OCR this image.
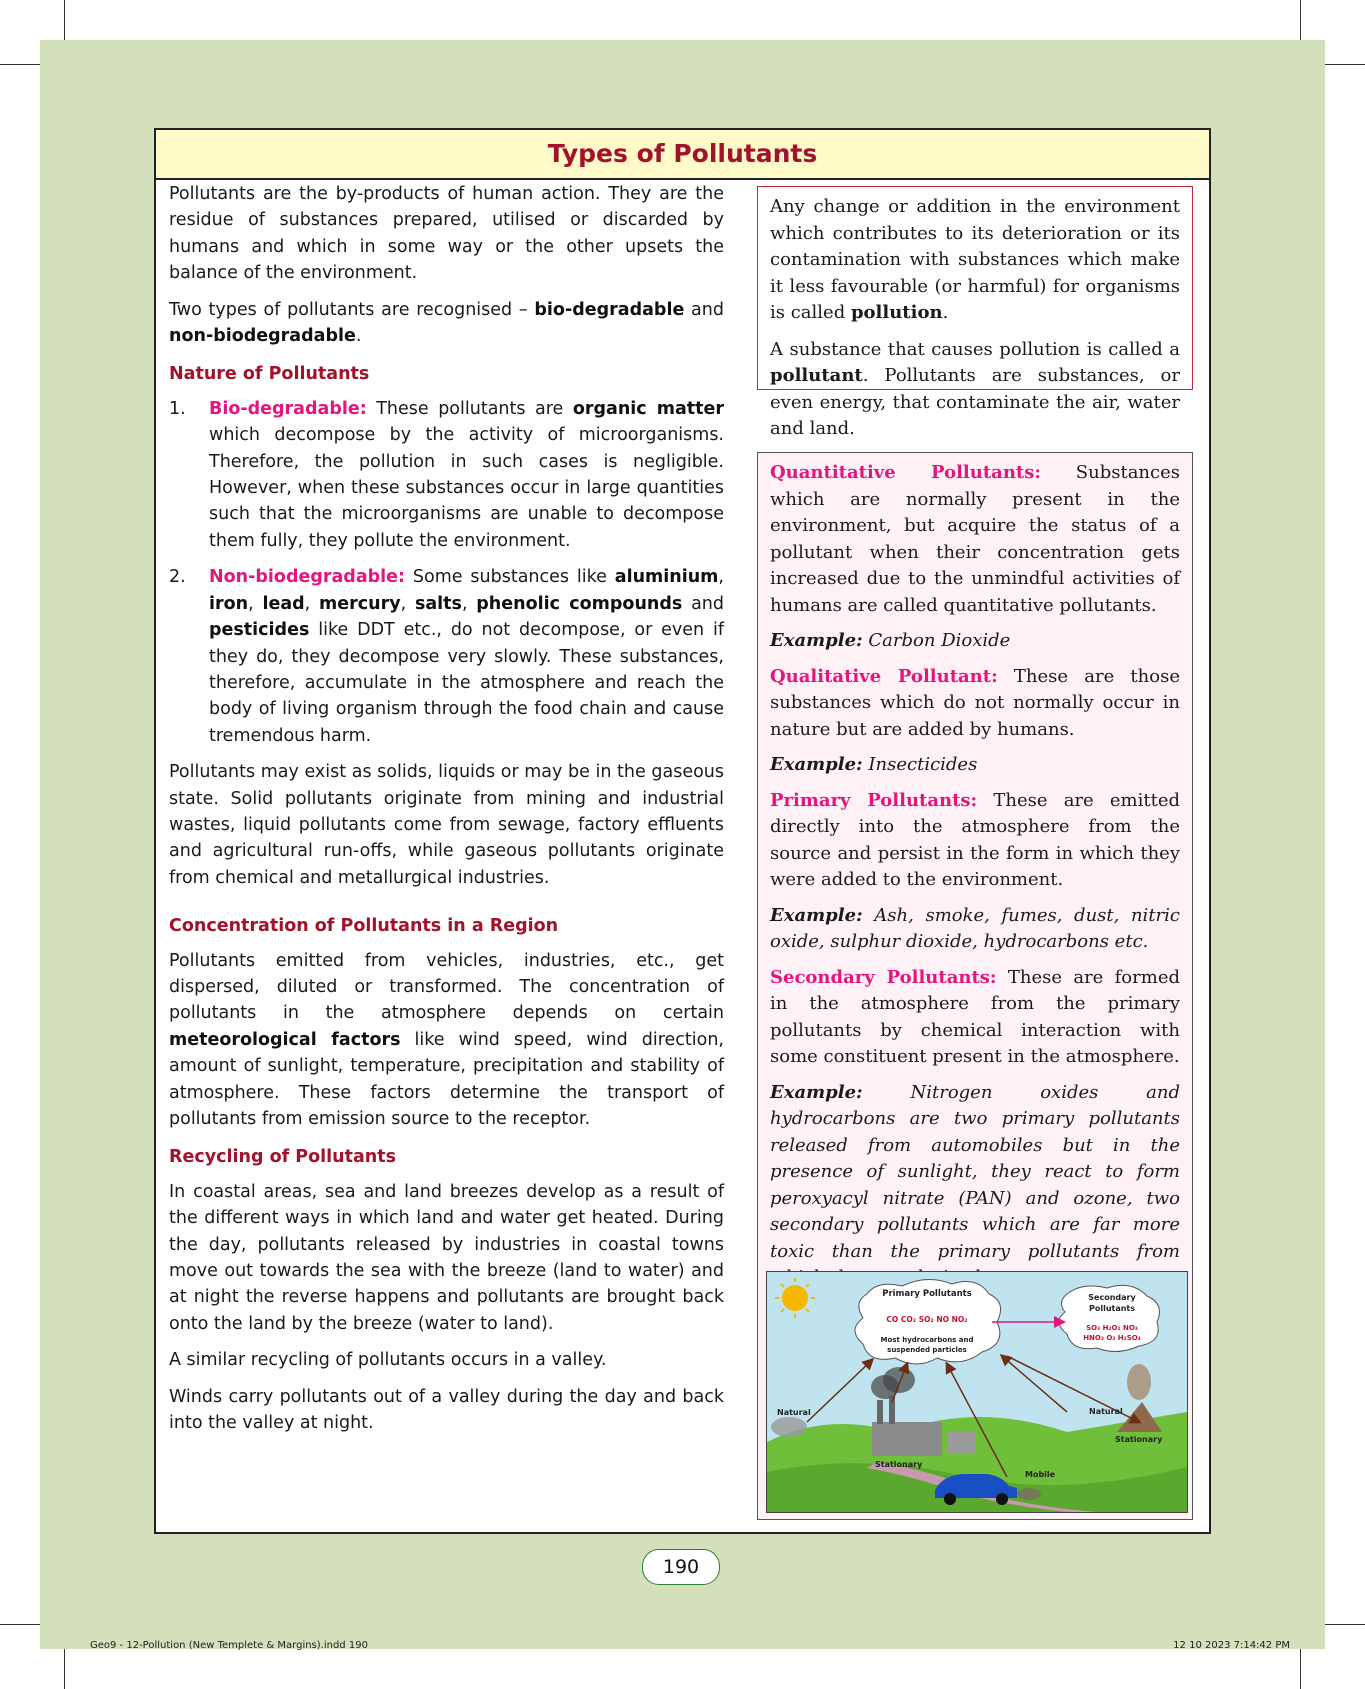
Types of Pollutants

Pollutants are the by-products of human action. They are the residue of substances prepared, utilised or discarded by humans and which in some way or the other upsets the balance of the environment.

Two types of pollutants are recognised – bio-degradable and non-biodegradable.

Nature of Pollutants
1.	Bio-degradable: These pollutants are organic matter which decompose by the activity of microorganisms. Therefore, the pollution in such cases is negligible. However, when these substances occur in large quantities such that the microorganisms are unable to decompose them fully, they pollute the environment.
2.	Non-biodegradable: Some substances like aluminium, iron, lead, mercury, salts, phenolic compounds and pesticides like DDT etc., do not decompose, or even if they do, they decompose very slowly. These substances, therefore, accumulate in the atmosphere and reach the body of living organism through the food chain and cause tremendous harm.

Pollutants may exist as solids, liquids or may be in the gaseous state. Solid pollutants originate from mining and industrial wastes, liquid pollutants come from sewage, factory effluents and agricultural run-offs, while gaseous pollutants originate from chemical and metallurgical industries.

Concentration of Pollutants in a Region

Pollutants emitted from vehicles, industries, etc., get dispersed, diluted or transformed. The concentration of pollutants in the atmosphere depends on certain meteorological factors like wind speed, wind direction, amount of sunlight, temperature, precipitation and stability of atmosphere. These factors determine the transport of pollutants from emission source to the receptor.

Recycling of Pollutants

In coastal areas, sea and land breezes develop as a result of the different ways in which land and water get heated. During the day, pollutants released by industries in coastal towns move out towards the sea with the breeze (land to water) and at night the reverse happens and pollutants are brought back onto the land by the breeze (water to land).

A similar recycling of pollutants occurs in a valley.

Winds carry pollutants out of a valley during the day and back into the valley at night.

Any change or addition in the environment which contributes to its deterioration or its contamination with substances which make it less favourable (or harmful) for organisms is called pollution.

A substance that causes pollution is called a pollutant. Pollutants are substances, or even energy, that contaminate the air, water and land.

Quantitative Pollutants: Substances which are normally present in the environment, but acquire the status of a pollutant when their concentration gets increased due to the unmindful activities of humans are called quantitative pollutants.

Example: Carbon Dioxide

Qualitative Pollutant: These are those substances which do not normally occur in nature but are added by humans.

Example: Insecticides

Primary Pollutants: These are emitted directly into the atmosphere from the source and persist in the form in which they were added to the environment.

Example: Ash, smoke, fumes, dust, nitric oxide, sulphur dioxide, hydrocarbons etc.

Secondary Pollutants: These are formed in the atmosphere from the primary pollutants by chemical interaction with some constituent present in the atmosphere.

Example:	Nitrogen oxides and hydrocarbons are two primary pollutants released from automobiles but in the presence of sunlight, they react to form peroxyacyl nitrate (PAN) and ozone, two secondary pollutants which are far more toxic than the primary pollutants from

Primary Pollutants
CO CO₂ SO₂ NO NO₂
Most hydrocarbons and
suspended particles
Secondary
Pollutants
SO₃ H₂O₂ NO₃
HNO₃ O₃ H₂SO₄
Natural	Natural
Stationary
Stationary
Mobile
190
Geo9 - 12-Pollution (New Templete & Margins).indd 190	12 10 2023 7:14:42 PM
